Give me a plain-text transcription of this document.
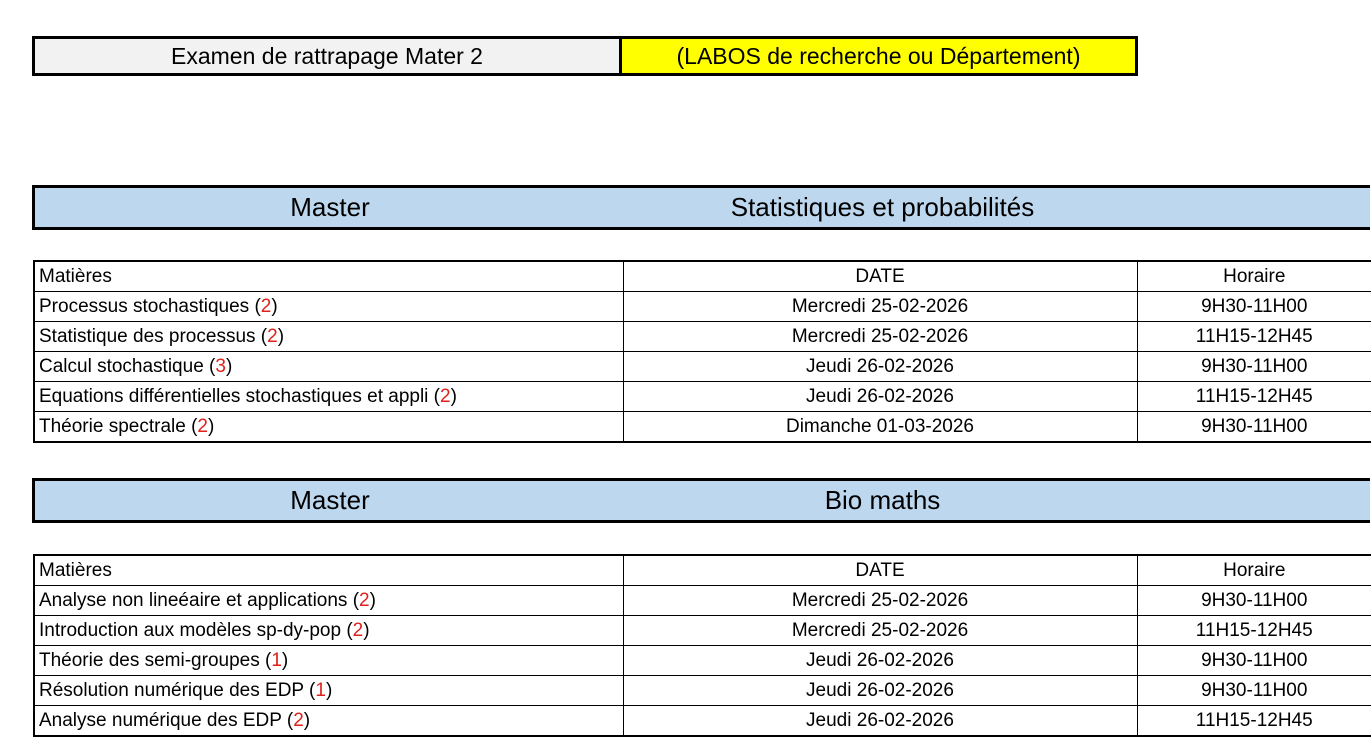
Examen de rattrapage Mater 2	(LABOS de recherche ou Département)
Master	Statistiques et probabilités
Matières	DATE	Horaire
Processus stochastiques (2)	Mercredi 25-02-2026	9H30-11H00
Statistique des processus (2)	Mercredi 25-02-2026	11H15-12H45
Calcul stochastique (3)	Jeudi 26-02-2026	9H30-11H00
Equations différentielles stochastiques et appli (2)	Jeudi 26-02-2026	11H15-12H45
Théorie spectrale (2)	Dimanche 01-03-2026	9H30-11H00
Master	Bio maths
Matières	DATE	Horaire
Analyse non lineéaire et applications (2)	Mercredi 25-02-2026	9H30-11H00
Introduction aux modèles sp-dy-pop (2)	Mercredi 25-02-2026	11H15-12H45
Théorie des semi-groupes (1)	Jeudi 26-02-2026	9H30-11H00
Résolution numérique des EDP (1)	Jeudi 26-02-2026	9H30-11H00
Analyse numérique des EDP (2)	Jeudi 26-02-2026	11H15-12H45
